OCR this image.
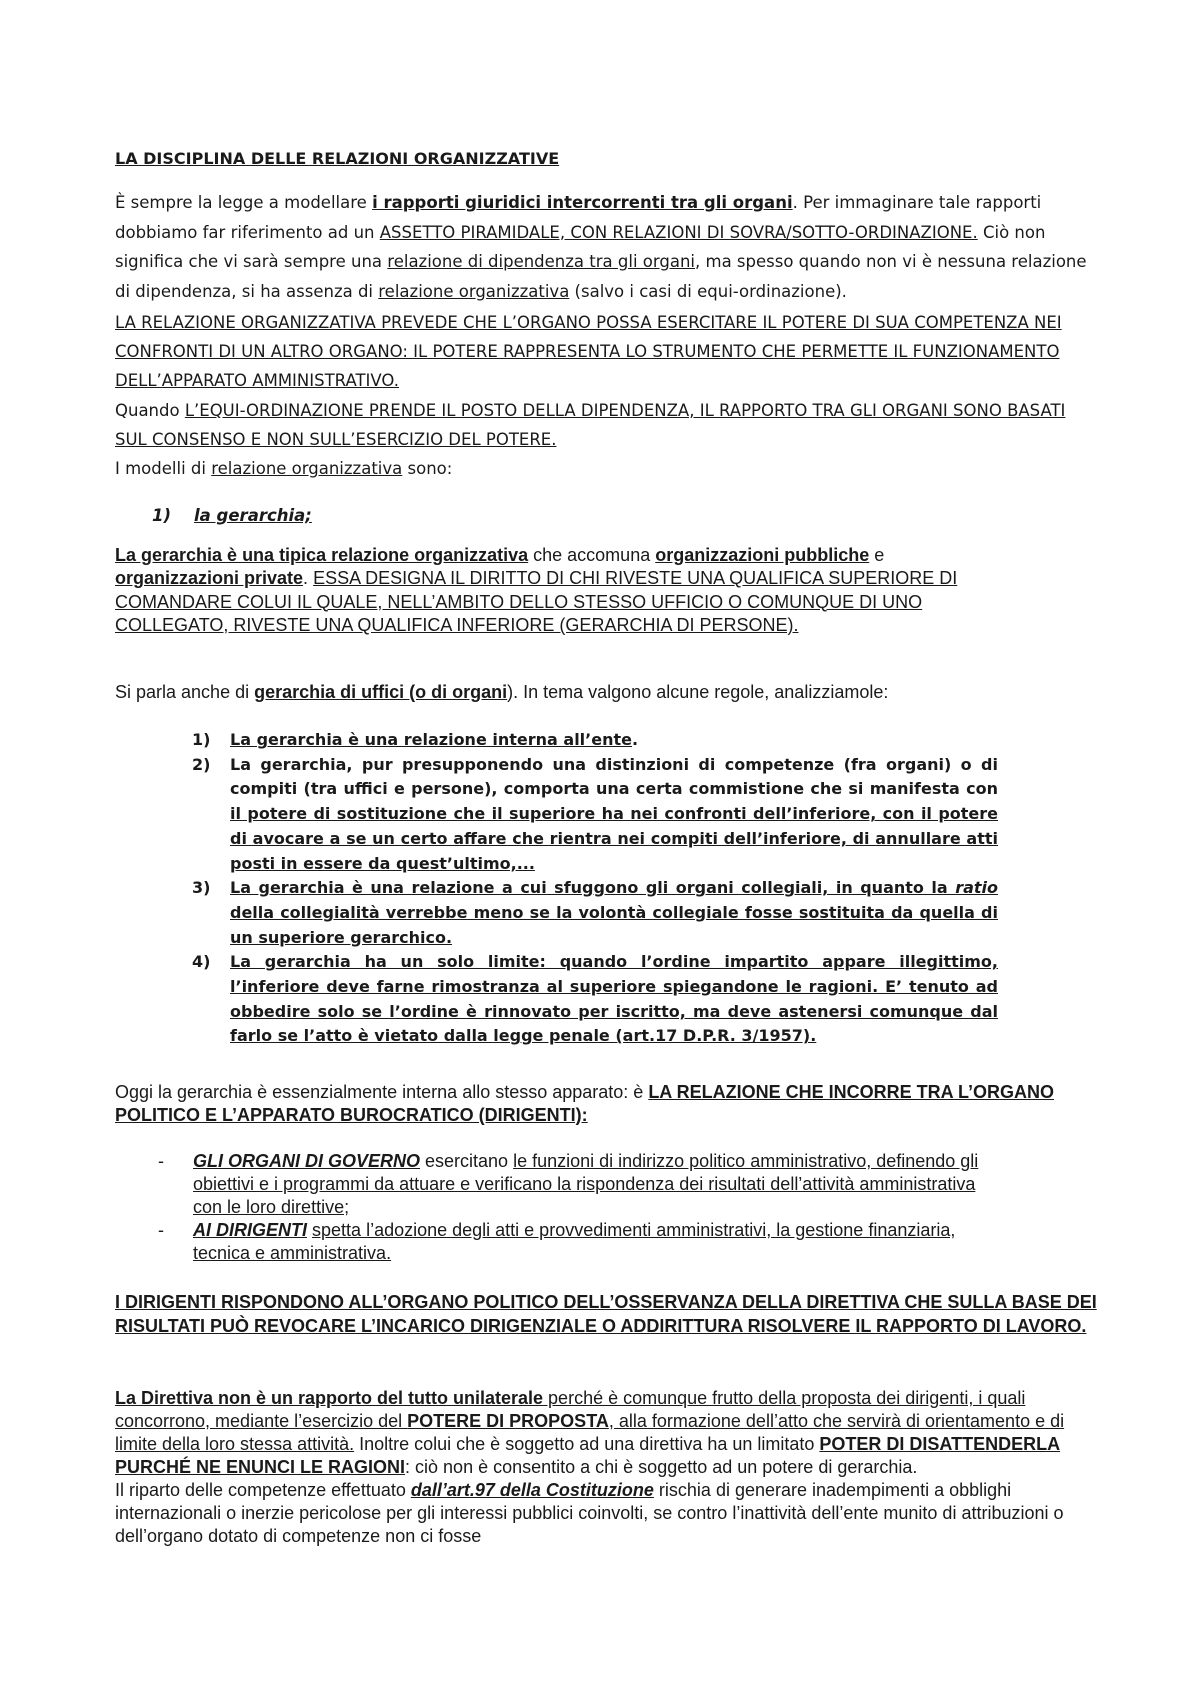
LA DISCIPLINA DELLE RELAZIONI ORGANIZZATIVE
È sempre la legge a modellare i rapporti giuridici intercorrenti tra gli organi. Per immaginare tale rapporti dobbiamo far riferimento ad un ASSETTO PIRAMIDALE, CON RELAZIONI DI SOVRA/SOTTO-ORDINAZIONE. Ciò non significa che vi sarà sempre una relazione di dipendenza tra gli organi, ma spesso quando non vi è nessuna relazione di dipendenza, si ha assenza di relazione organizzativa (salvo i casi di equi-ordinazione).
LA RELAZIONE ORGANIZZATIVA PREVEDE CHE L’ORGANO POSSA ESERCITARE IL POTERE DI SUA COMPETENZA NEI CONFRONTI DI UN ALTRO ORGANO: IL POTERE RAPPRESENTA LO STRUMENTO CHE PERMETTE IL FUNZIONAMENTO DELL’APPARATO AMMINISTRATIVO.
Quando L’EQUI-ORDINAZIONE PRENDE IL POSTO DELLA DIPENDENZA, IL RAPPORTO TRA GLI ORGANI SONO BASATI SUL CONSENSO E NON SULL’ESERCIZIO DEL POTERE.
I modelli di relazione organizzativa sono:
1) la gerarchia;
La gerarchia è una tipica relazione organizzativa che accomuna organizzazioni pubbliche e organizzazioni private. ESSA DESIGNA IL DIRITTO DI CHI RIVESTE UNA QUALIFICA SUPERIORE DI COMANDARE COLUI IL QUALE, NELL’AMBITO DELLO STESSO UFFICIO O COMUNQUE DI UNO COLLEGATO, RIVESTE UNA QUALIFICA INFERIORE (GERARCHIA DI PERSONE).
Si parla anche di gerarchia di uffici (o di organi). In tema valgono alcune regole, analizziamole:
1) La gerarchia è una relazione interna all’ente.
2) La gerarchia, pur presupponendo una distinzioni di competenze (fra organi) o di compiti (tra uffici e persone), comporta una certa commistione che si manifesta con il potere di sostituzione che il superiore ha nei confronti dell’inferiore, con il potere di avocare a se un certo affare che rientra nei compiti dell’inferiore, di annullare atti posti in essere da quest’ultimo,...
3) La gerarchia è una relazione a cui sfuggono gli organi collegiali, in quanto la ratio della collegialità verrebbe meno se la volontà collegiale fosse sostituita da quella di un superiore gerarchico.
4) La gerarchia ha un solo limite: quando l’ordine impartito appare illegittimo, l’inferiore deve farne rimostranza al superiore spiegandone le ragioni. E’ tenuto ad obbedire solo se l’ordine è rinnovato per iscritto, ma deve astenersi comunque dal farlo se l’atto è vietato dalla legge penale (art.17 D.P.R. 3/1957).
Oggi la gerarchia è essenzialmente interna allo stesso apparato: è LA RELAZIONE CHE INCORRE TRA L’ORGANO POLITICO E L’APPARATO BUROCRATICO (DIRIGENTI):
- GLI ORGANI DI GOVERNO esercitano le funzioni di indirizzo politico amministrativo, definendo gli obiettivi e i programmi da attuare e verificano la rispondenza dei risultati dell’attività amministrativa con le loro direttive;
- AI DIRIGENTI spetta l’adozione degli atti e provvedimenti amministrativi, la gestione finanziaria, tecnica e amministrativa.
I DIRIGENTI RISPONDONO ALL’ORGANO POLITICO DELL’OSSERVANZA DELLA DIRETTIVA CHE SULLA BASE DEI RISULTATI PUÒ REVOCARE L’INCARICO DIRIGENZIALE O ADDIRITTURA RISOLVERE IL RAPPORTO DI LAVORO.
La Direttiva non è un rapporto del tutto unilaterale perché è comunque frutto della proposta dei dirigenti, i quali concorrono, mediante l’esercizio del POTERE DI PROPOSTA, alla formazione dell’atto che servirà di orientamento e di limite della loro stessa attività. Inoltre colui che è soggetto ad una direttiva ha un limitato POTER DI DISATTENDERLA PURCHÉ NE ENUNCI LE RAGIONI: ciò non è consentito a chi è soggetto ad un potere di gerarchia.
Il riparto delle competenze effettuato dall’art.97 della Costituzione rischia di generare inadempimenti a obblighi internazionali o inerzie pericolose per gli interessi pubblici coinvolti, se contro l’inattività dell’ente munito di attribuzioni o dell’organo dotato di competenze non ci fosse
